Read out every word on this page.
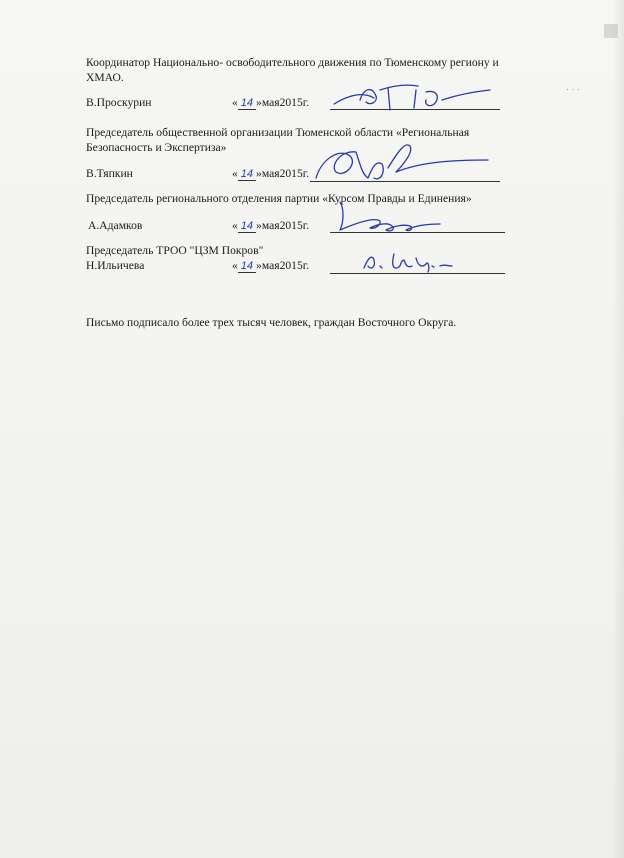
· · ·
Координатор Национально- освободительного движения по Тюменскому региону и
ХМАО.
В.Проскурин	« 14 »мая2015г.
Председатель общественной организации Тюменской области «Региональная
Безопасность и Экспертиза»
В.Тяпкин	« 14 »мая2015г.
Председатель регионального отделения партии «Курсом Правды и Единения»
А.Адамков	« 14 »мая2015г.
Председатель ТРОО "ЦЗМ Покров"
Н.Ильичева	« 14 »мая2015г.
Письмо подписало более трех тысяч человек, граждан Восточного Округа.
